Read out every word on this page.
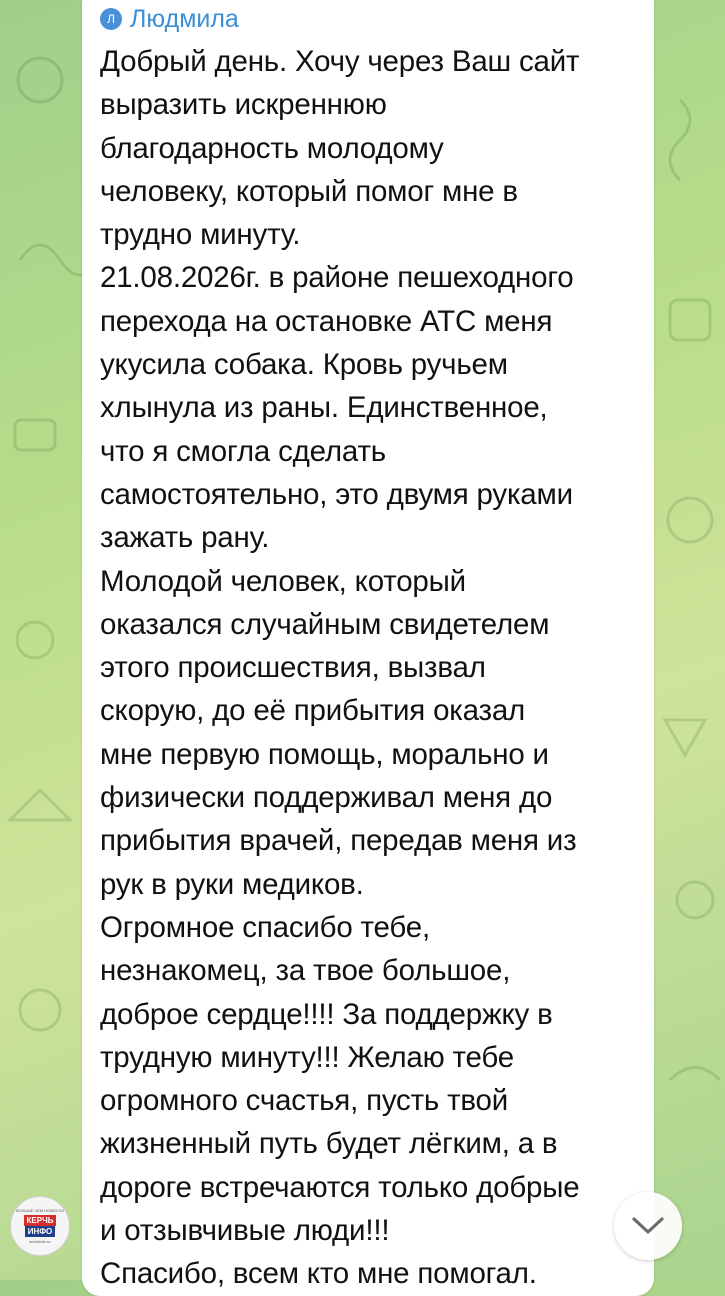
Л Людмила
Добрый день. Хочу через Ваш сайт
выразить искреннюю
благодарность молодому
человеку, который помог мне в
трудно минуту.
21.08.2026г. в районе пешеходного
перехода на остановке АТС меня
укусила собака. Кровь ручьем
хлынула из раны. Единственное,
что я смогла сделать
самостоятельно, это двумя руками
зажать рану.
Молодой человек, который
оказался случайным свидетелем
этого происшествия, вызвал
скорую, до её прибытия оказал
мне первую помощь, морально и
физически поддерживал меня до
прибытия врачей, передав меня из
рук в руки медиков.
Огромное спасибо тебе,
незнакомец, за твое большое,
доброе сердце!!!! За поддержку в
трудную минуту!!! Желаю тебе
огромного счастья, пусть твой
жизненный путь будет лёгким, а в
дороге встречаются только добрые
и отзывчивые люди!!!
Спасибо, всем кто мне помогал.
БОЛЬШЕ ЧЕМ НОВОСТИ
КЕРЧЬ
ИНФО
kerchinfo.ru
